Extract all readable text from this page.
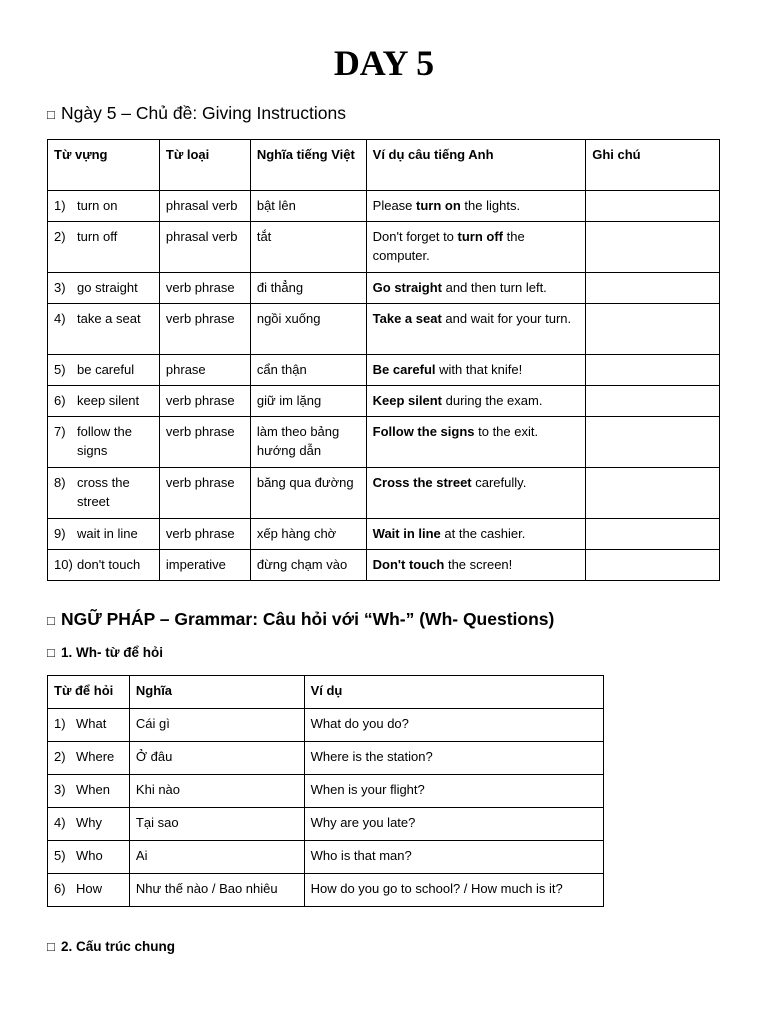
DAY 5
□ Ngày 5 – Chủ đề: Giving Instructions
Từ vựng	Từ loại	Nghĩa tiếng Việt	Ví dụ câu tiếng Anh	Ghi chú

1) turn on	phrasal verb	bật lên	Please turn on the lights.	

2) turn off	phrasal verb	tắt	Don't forget to turn off the computer.	

3) go straight	verb phrase	đi thẳng	Go straight and then turn left.	

4) take a seat	verb phrase	ngồi xuống	Take a seat and wait for your turn.	

5) be careful	phrase	cẩn thận	Be careful with that knife!	

6) keep silent	verb phrase	giữ im lặng	Keep silent during the exam.	

7) follow the signs	verb phrase	làm theo bảng hướng dẫn	Follow the signs to the exit.	

8) cross the street	verb phrase	băng qua đường	Cross the street carefully.	

9) wait in line	verb phrase	xếp hàng chờ	Wait in line at the cashier.	

10) don't touch	imperative	đừng chạm vào	Don't touch the screen!	
□ NGỮ PHÁP – Grammar: Câu hỏi với “Wh-” (Wh- Questions)
□ 1. Wh- từ để hỏi
Từ để hỏi	Nghĩa	Ví dụ
1) What	Cái gì	What do you do?
2) Where	Ở đâu	Where is the station?
3) When	Khi nào	When is your flight?
4) Why	Tại sao	Why are you late?
5) Who	Ai	Who is that man?
6) How	Như thế nào / Bao nhiêu	How do you go to school? / How much is it?
□ 2. Cấu trúc chung
